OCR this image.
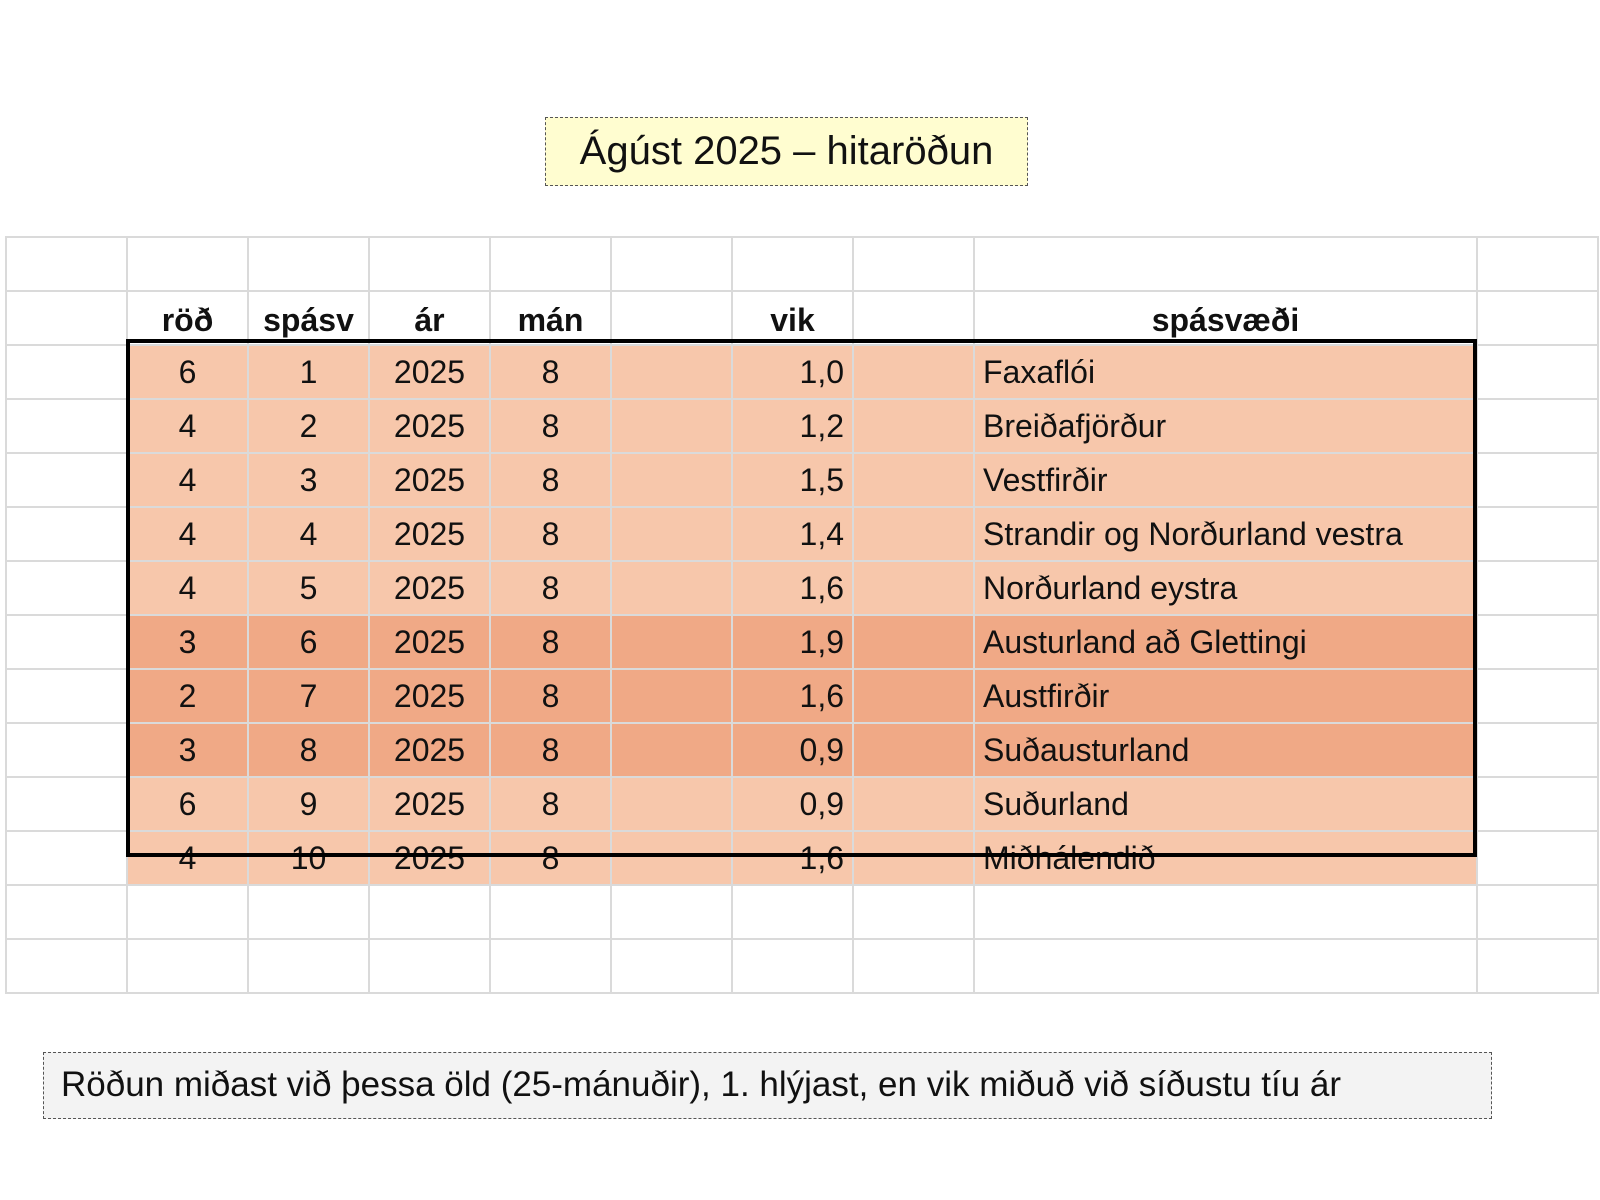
Ágúst 2025 – hitaröðun

	röð	spásv	ár	mán		vik		spásvæði	
	6	1	2025	8		1,0		Faxaflói	
	4	2	2025	8		1,2		Breiðafjörður	
	4	3	2025	8		1,5		Vestfirðir	
	4	4	2025	8		1,4		Strandir og Norðurland vestra	
	4	5	2025	8		1,6		Norðurland eystra	
	3	6	2025	8		1,9		Austurland að Glettingi	
	2	7	2025	8		1,6		Austfirðir	
	3	8	2025	8		0,9		Suðausturland	
	6	9	2025	8		0,9		Suðurland	
	4	10	2025	8		1,6		Miðhálendið	

Röðun miðast við þessa öld (25-mánuðir), 1. hlýjast, en vik miðuð við síðustu tíu ár
